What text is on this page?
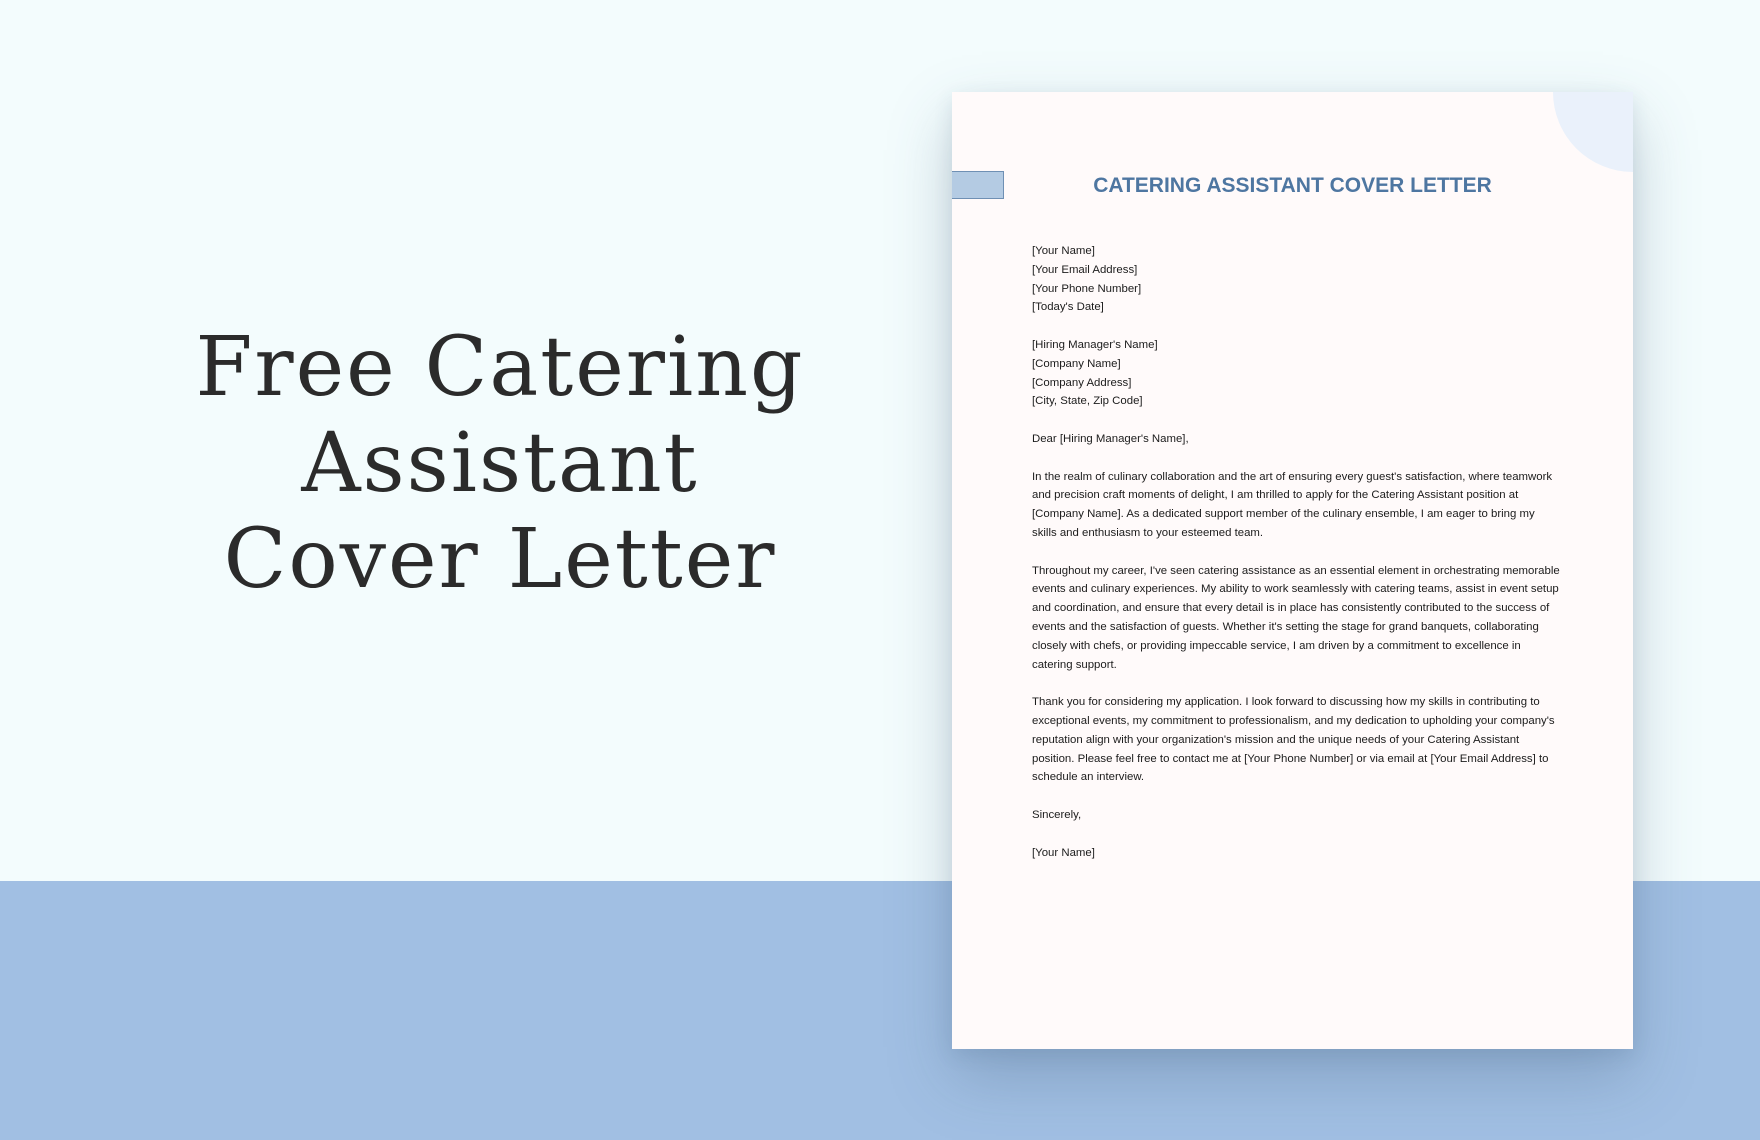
Free Catering Assistant
Cover Letter
CATERING ASSISTANT COVER LETTER
[Your Name]
[Your Email Address]
[Your Phone Number]
[Today's Date]
[Hiring Manager's Name]
[Company Name]
[Company Address]
[City, State, Zip Code]

Dear [Hiring Manager's Name],

In the realm of culinary collaboration and the art of ensuring every guest's satisfaction, where teamwork and precision craft moments of delight, I am thrilled to apply for the Catering Assistant position at [Company Name]. As a dedicated support member of the culinary ensemble, I am eager to bring my skills and enthusiasm to your esteemed team.

Throughout my career, I've seen catering assistance as an essential element in orchestrating memorable events and culinary experiences. My ability to work seamlessly with catering teams, assist in event setup and coordination, and ensure that every detail is in place has consistently contributed to the success of events and the satisfaction of guests. Whether it's setting the stage for grand banquets, collaborating closely with chefs, or providing impeccable service, I am driven by a commitment to excellence in catering support.

Thank you for considering my application. I look forward to discussing how my skills in contributing to exceptional events, my commitment to professionalism, and my dedication to upholding your company's reputation align with your organization's mission and the unique needs of your Catering Assistant position. Please feel free to contact me at [Your Phone Number] or via email at [Your Email Address] to schedule an interview.

Sincerely,

[Your Name]
